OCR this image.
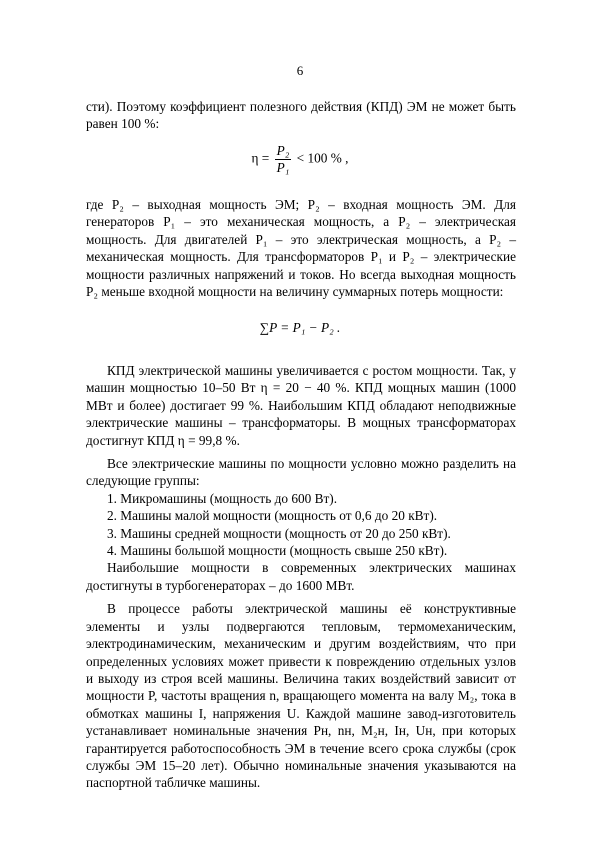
6

сти). Поэтому коэффициент полезного действия (КПД) ЭМ не может быть равен 100 %:

$\eta = \frac{\text{P₂}}{\text{P₁}} < 100$ % ,

где P₂ – выходная мощность ЭМ; P₂ – входная мощность ЭМ. Для генераторов P₁ – это механическая мощность, а P₂ – электрическая мощность. Для двигателей P₁ – это электрическая мощность, а P₂ – механическая мощность. Для трансформаторов P₁ и P₂ – электрические мощности различных напряжений и токов. Но всегда выходная мощность P₂ меньше входной мощности на величину суммарных потерь мощности:

∑P = P₁ − P₂ .

КПД электрической машины увеличивается с ростом мощности. Так, у машин мощностью 10–50 Вт η = 20 − 40 %. КПД мощных машин (1000 МВт и более) достигает 99 %. Наибольшим КПД обладают неподвижные электрические машины – трансформаторы. В мощных трансформаторах достигнут КПД η = 99,8 %.

Все электрические машины по мощности условно можно разделить на следующие группы:

1. Микромашины (мощность до 600 Вт).
2. Машины малой мощности (мощность от 0,6 до 20 кВт).
3. Машины средней мощности (мощность от 20 до 250 кВт).
4. Машины большой мощности (мощность свыше 250 кВт).

Наибольшие мощности в современных электрических машинах достигнуты в турбогенераторах – до 1600 МВт.

В процессе работы электрической машины её конструктивные элементы и узлы подвергаются тепловым, термомеханическим, электродинамическим, механическим и другим воздействиям, что при определенных условиях может привести к повреждению отдельных узлов и выходу из строя всей машины. Величина таких воздействий зависит от мощности P, частоты вращения n, вращающего момента на валу M₂, тока в обмотках машины I, напряжения U. Каждой машине завод-изготовитель устанавливает номинальные значения Pн, nн, M₂н, Iн, Uн, при которых гарантируется работоспособность ЭМ в течение всего срока службы (срок службы ЭМ 15–20 лет). Обычно номинальные значения указываются на паспортной табличке машины.
